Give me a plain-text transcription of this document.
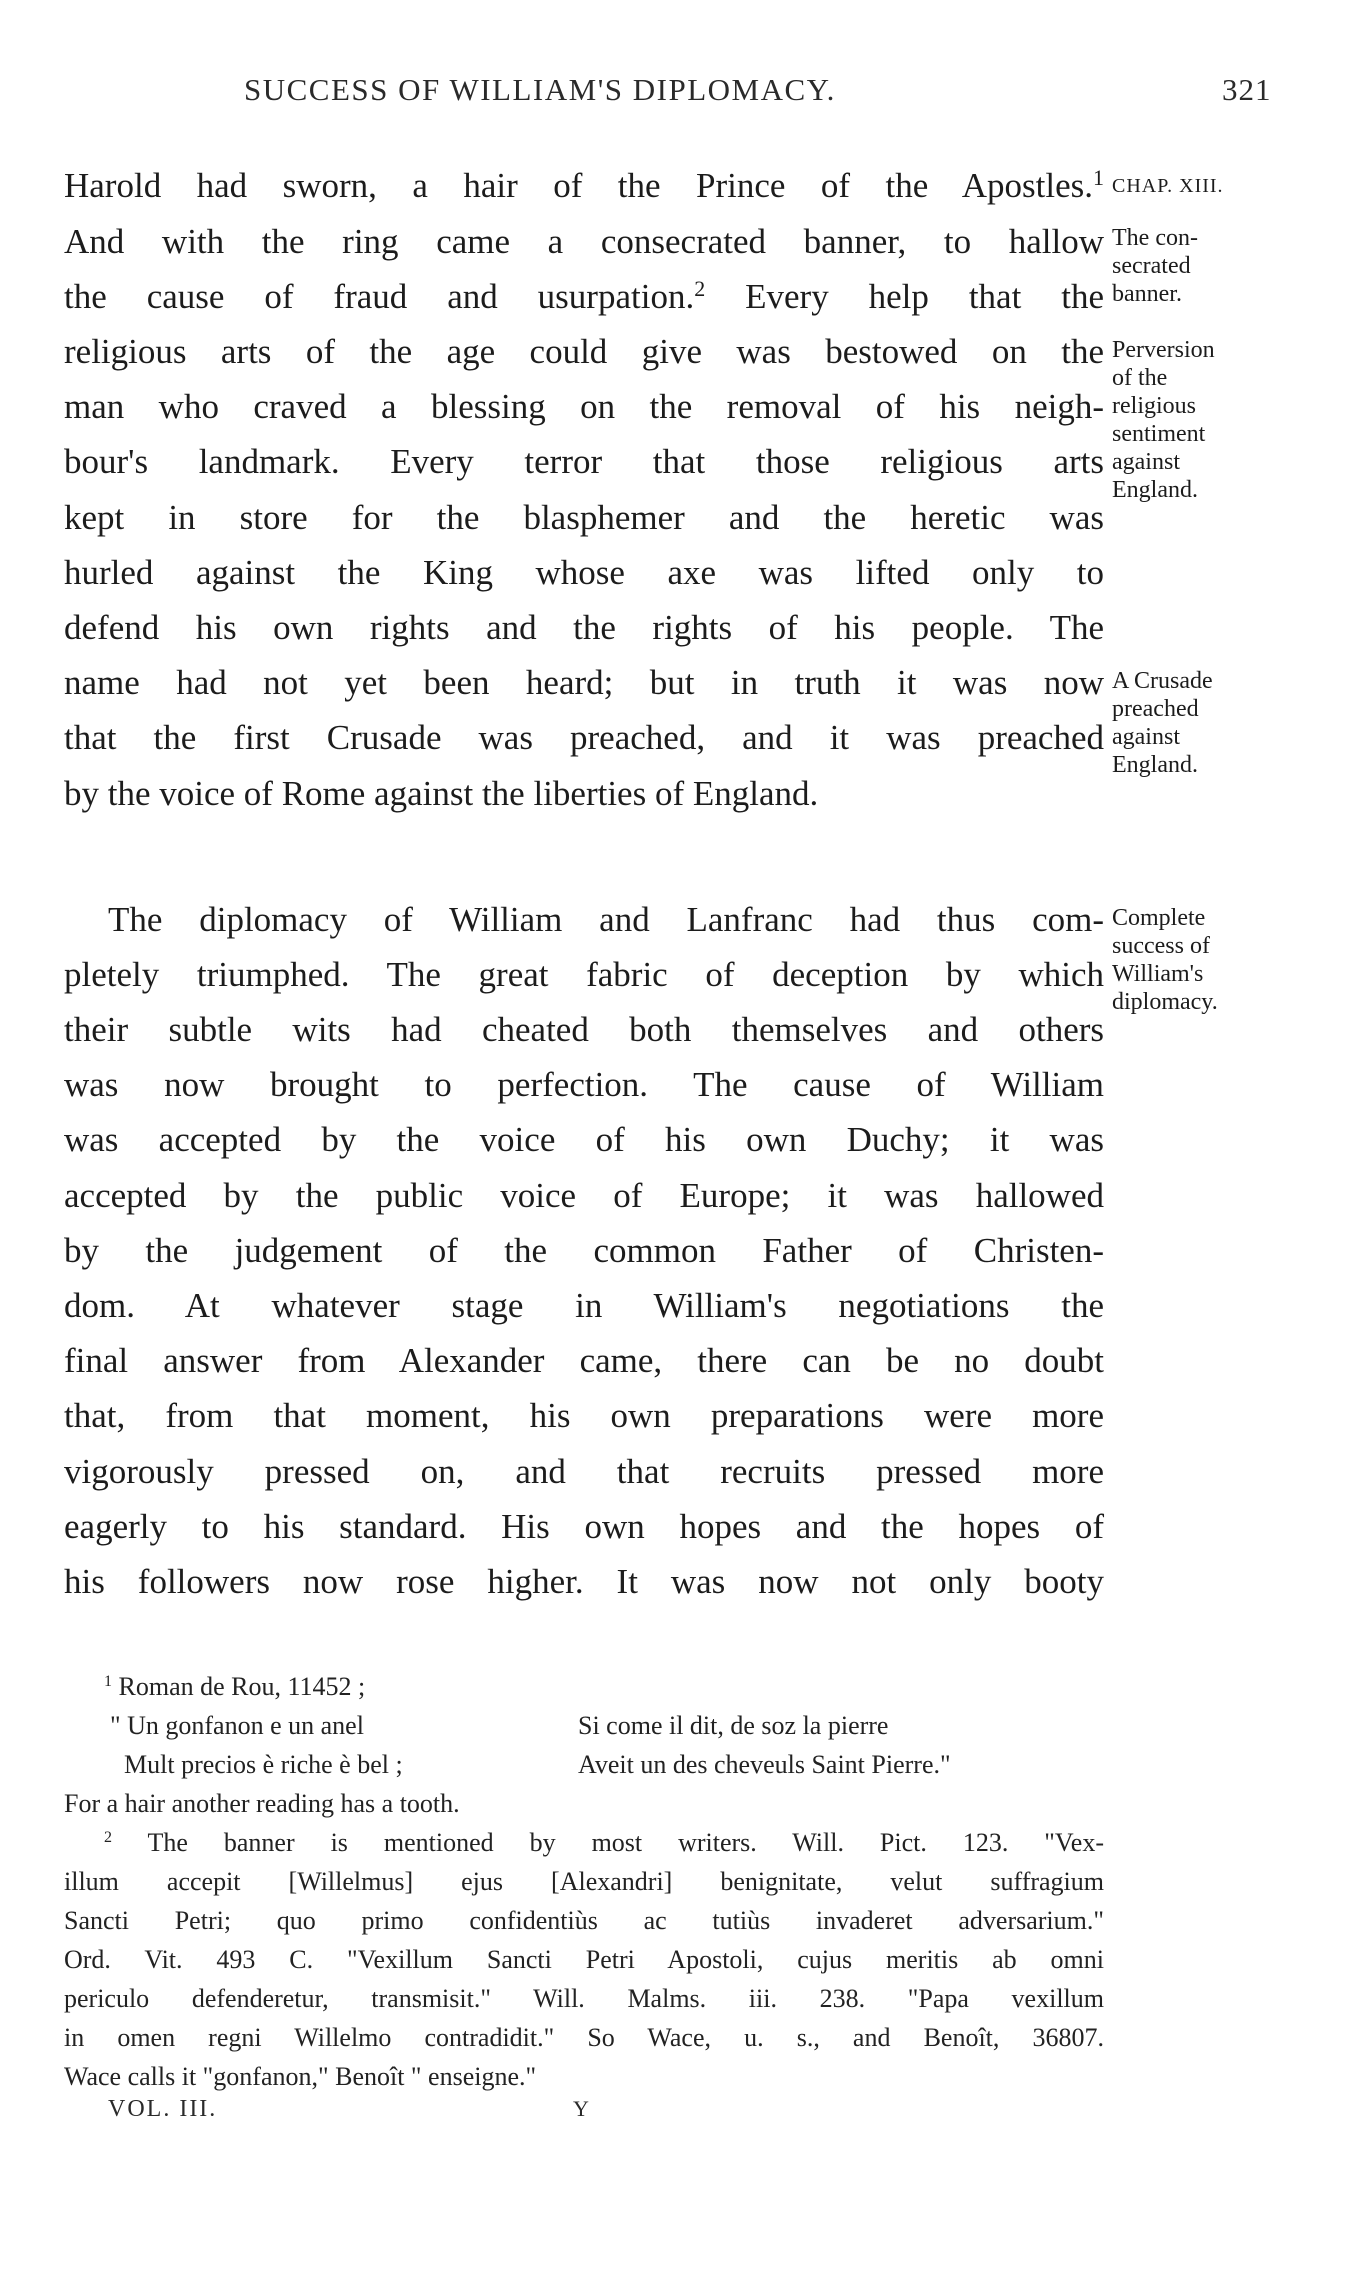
SUCCESS OF WILLIAM'S DIPLOMACY.	321
Harold had sworn, a hair of the Prince of the Apostles.$^1$
And with the ring came a consecrated banner, to hallow
the cause of fraud and usurpation.$^2$ Every help that the
religious arts of the age could give was bestowed on the
man who craved a blessing on the removal of his neigh-
bour's landmark. Every terror that those religious arts
kept in store for the blasphemer and the heretic was
hurled against the King whose axe was lifted only to
defend his own rights and the rights of his people. The
name had not yet been heard; but in truth it was now
that the first Crusade was preached, and it was preached
by the voice of Rome against the liberties of England.
The diplomacy of William and Lanfranc had thus com-
pletely triumphed. The great fabric of deception by which
their subtle wits had cheated both themselves and others
was now brought to perfection. The cause of William
was accepted by the voice of his own Duchy; it was
accepted by the public voice of Europe; it was hallowed
by the judgement of the common Father of Christen-
dom. At whatever stage in William's negotiations the
final answer from Alexander came, there can be no doubt
that, from that moment, his own preparations were more
vigorously pressed on, and that recruits pressed more
eagerly to his standard. His own hopes and the hopes of
his followers now rose higher. It was now not only booty
CHAP. XIII.
The con-
secrated
banner.
Perversion
of the
religious
sentiment
against
England.
A Crusade
preached
against
England.
Complete
success of
William's
diplomacy.
$^1$ Roman de Rou, 11452 ;
" Un gonfanon e un anel	Si come il dit, de soz la pierre
Mult precios è riche è bel ;	Aveit un des cheveuls Saint Pierre."
For a hair another reading has a tooth.
$^2$ The banner is mentioned by most writers. Will. Pict. 123. "Vex-
illum accepit [Willelmus] ejus [Alexandri] benignitate, velut suffragium
Sancti Petri; quo primo confidentiùs ac tutiùs invaderet adversarium."
Ord. Vit. 493 C. "Vexillum Sancti Petri Apostoli, cujus meritis ab omni
periculo defenderetur, transmisit." Will. Malms. iii. 238. "Papa vexillum
in omen regni Willelmo contradidit." So Wace, u. s., and Benoît, 36807.
Wace calls it "gonfanon," Benoît " enseigne."
VOL. III.	Y
